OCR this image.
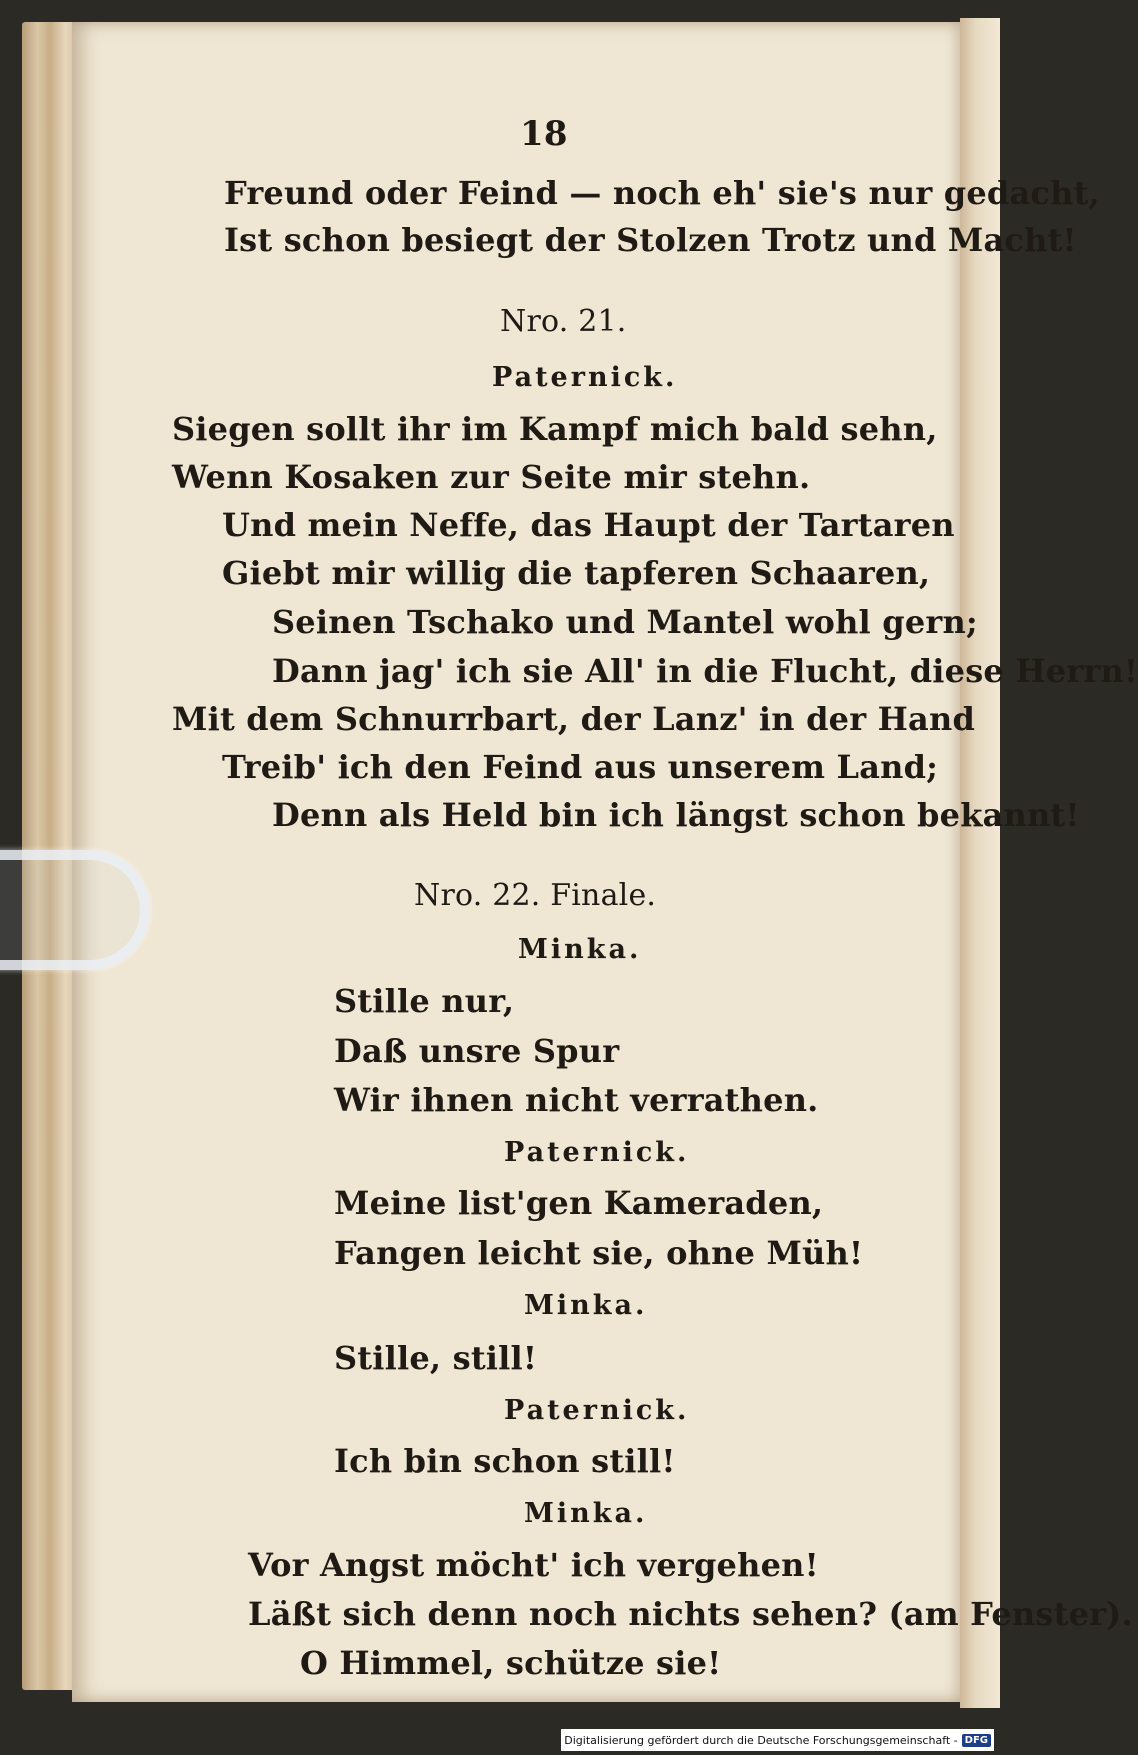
18
Freund oder Feind — noch eh' sie's nur gedacht,
Ist schon besiegt der Stolzen Trotz und Macht!
Nro. 21.
Paternick.
Siegen sollt ihr im Kampf mich bald sehn,
Wenn Kosaken zur Seite mir stehn.
Und mein Neffe, das Haupt der Tartaren
Giebt mir willig die tapferen Schaaren,
Seinen Tschako und Mantel wohl gern;
Dann jag' ich sie All' in die Flucht, diese Herrn!
Mit dem Schnurrbart, der Lanz' in der Hand
Treib' ich den Feind aus unserem Land;
Denn als Held bin ich längst schon bekannt!
Nro. 22. Finale.
Minka.
Stille nur,
Daß unsre Spur
Wir ihnen nicht verrathen.
Paternick.
Meine list'gen Kameraden,
Fangen leicht sie, ohne Müh!
Minka.
Stille, still!
Paternick.
Ich bin schon still!
Minka.
Vor Angst möcht' ich vergehen!
Läßt sich denn noch nichts sehen? (am Fenster).
O Himmel, schütze sie!
Digitalisierung gefördert durch die Deutsche Forschungsgemeinschaft - DFG
